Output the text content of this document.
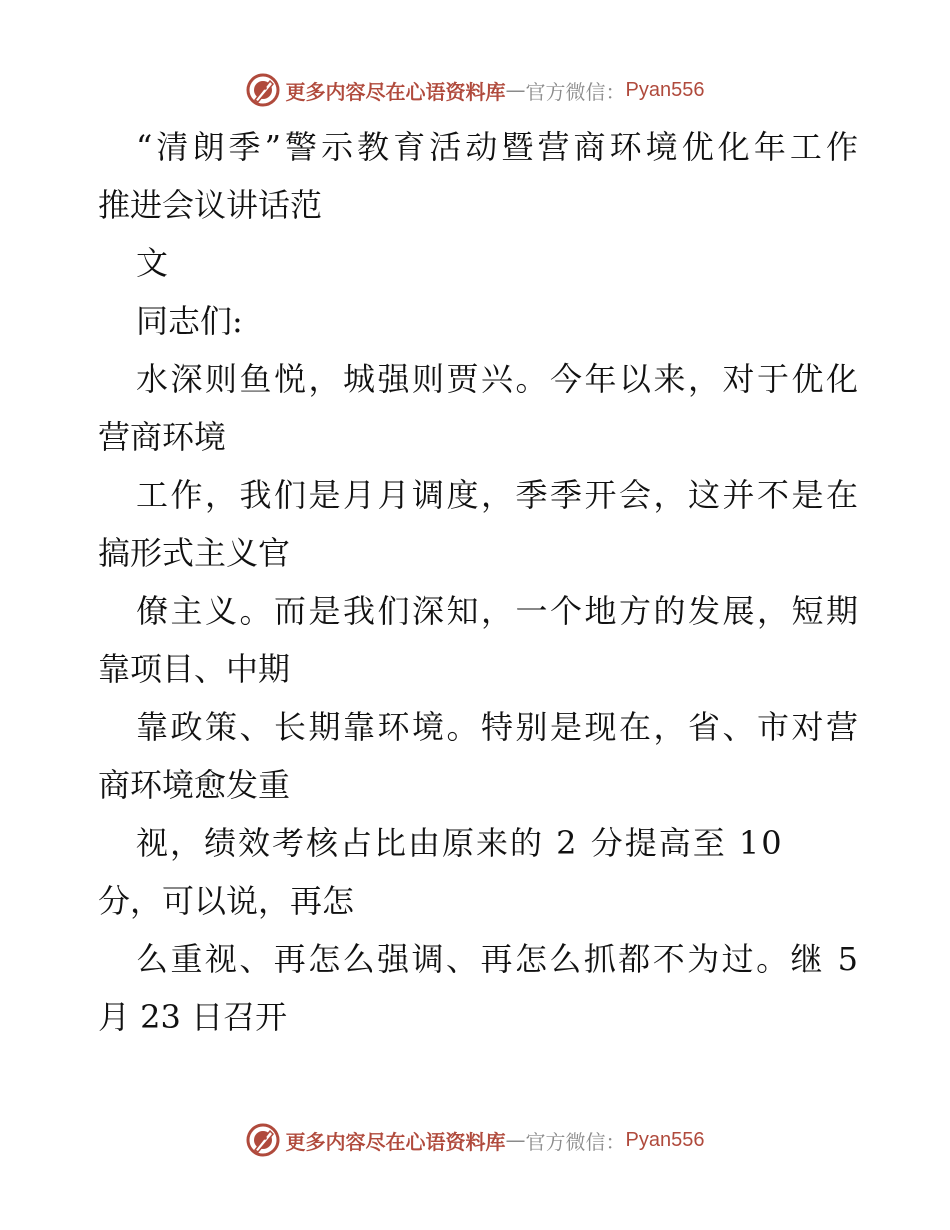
更多内容尽在心语资料库 — 官方微信： Pyan556
“清朗季”警示教育活动暨营商环境优化年工作
推进会议讲话范
文
同志们:
水深则鱼悦，城强则贾兴。今年以来，对于优化
营商环境
工作，我们是月月调度，季季开会，这并不是在
搞形式主义官
僚主义。而是我们深知，一个地方的发展，短期
靠项目、中期
靠政策、长期靠环境。特别是现在，省、市对营
商环境愈发重
视，绩效考核占比由原来的 2 分提高至 10
分，可以说，再怎
么重视、再怎么强调、再怎么抓都不为过。继 5
月 23 日召开
更多内容尽在心语资料库 — 官方微信： Pyan556
